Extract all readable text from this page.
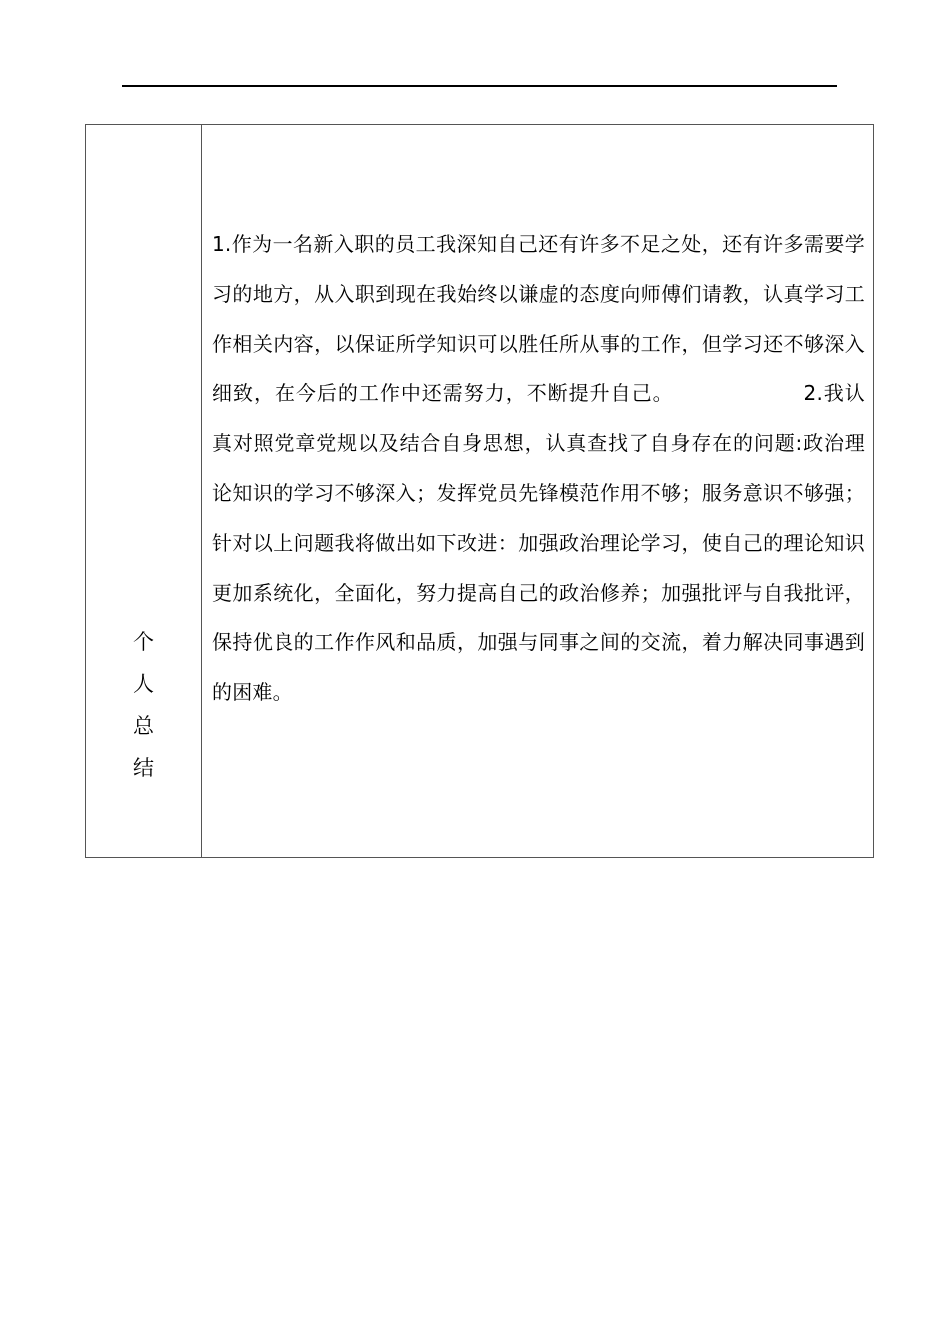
个
人
总
结

1.作为一名新入职的员工我深知自己还有许多不足之处，还有许多需要学习的地方，从入职到现在我始终以谦虚的态度向师傅们请教，认真学习工作相关内容，以保证所学知识可以胜任所从事的工作，但学习还不够深入细致，在今后的工作中还需努力，不断提升自己。	2.我认真对照党章党规以及结合自身思想，认真查找了自身存在的问题:政治理论知识的学习不够深入；发挥党员先锋模范作用不够；服务意识不够强；针对以上问题我将做出如下改进：加强政治理论学习，使自己的理论知识更加系统化，全面化，努力提高自己的政治修养；加强批评与自我批评，保持优良的工作作风和品质，加强与同事之间的交流，着力解决同事遇到的困难。
